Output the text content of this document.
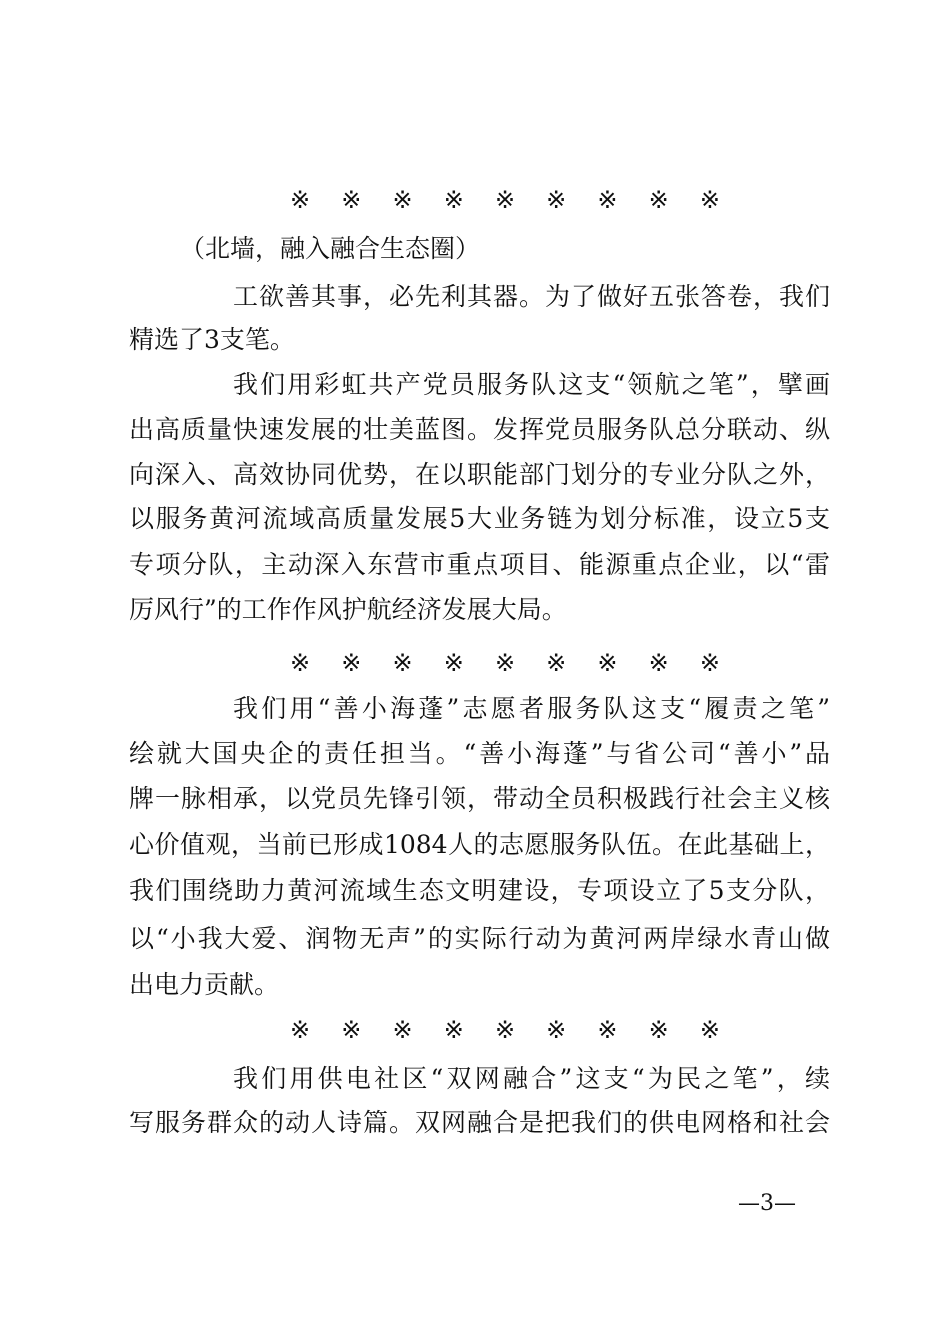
※ ※ ※ ※ ※ ※ ※ ※ ※
（北墙，融入融合生态圈）
工欲善其事，必先利其器。为了做好五张答卷，我们
精选了3支笔。
我们用彩虹共产党员服务队这支“领航之笔”，擘画
出高质量快速发展的壮美蓝图。发挥党员服务队总分联动、纵
向深入、高效协同优势，在以职能部门划分的专业分队之外，
以服务黄河流域高质量发展5大业务链为划分标准，设立5支
专项分队，主动深入东营市重点项目、能源重点企业，以“雷
厉风行”的工作作风护航经济发展大局。
※ ※ ※ ※ ※ ※ ※ ※ ※
我们用“善小海蓬”志愿者服务队这支“履责之笔”
绘就大国央企的责任担当。“善小海蓬”与省公司“善小”品
牌一脉相承，以党员先锋引领，带动全员积极践行社会主义核
心价值观，当前已形成1084人的志愿服务队伍。在此基础上，
我们围绕助力黄河流域生态文明建设，专项设立了5支分队，
以“小我大爱、润物无声”的实际行动为黄河两岸绿水青山做
出电力贡献。
※ ※ ※ ※ ※ ※ ※ ※ ※
我们用供电社区“双网融合”这支“为民之笔”，续
写服务群众的动人诗篇。双网融合是把我们的供电网格和社会
—3—
